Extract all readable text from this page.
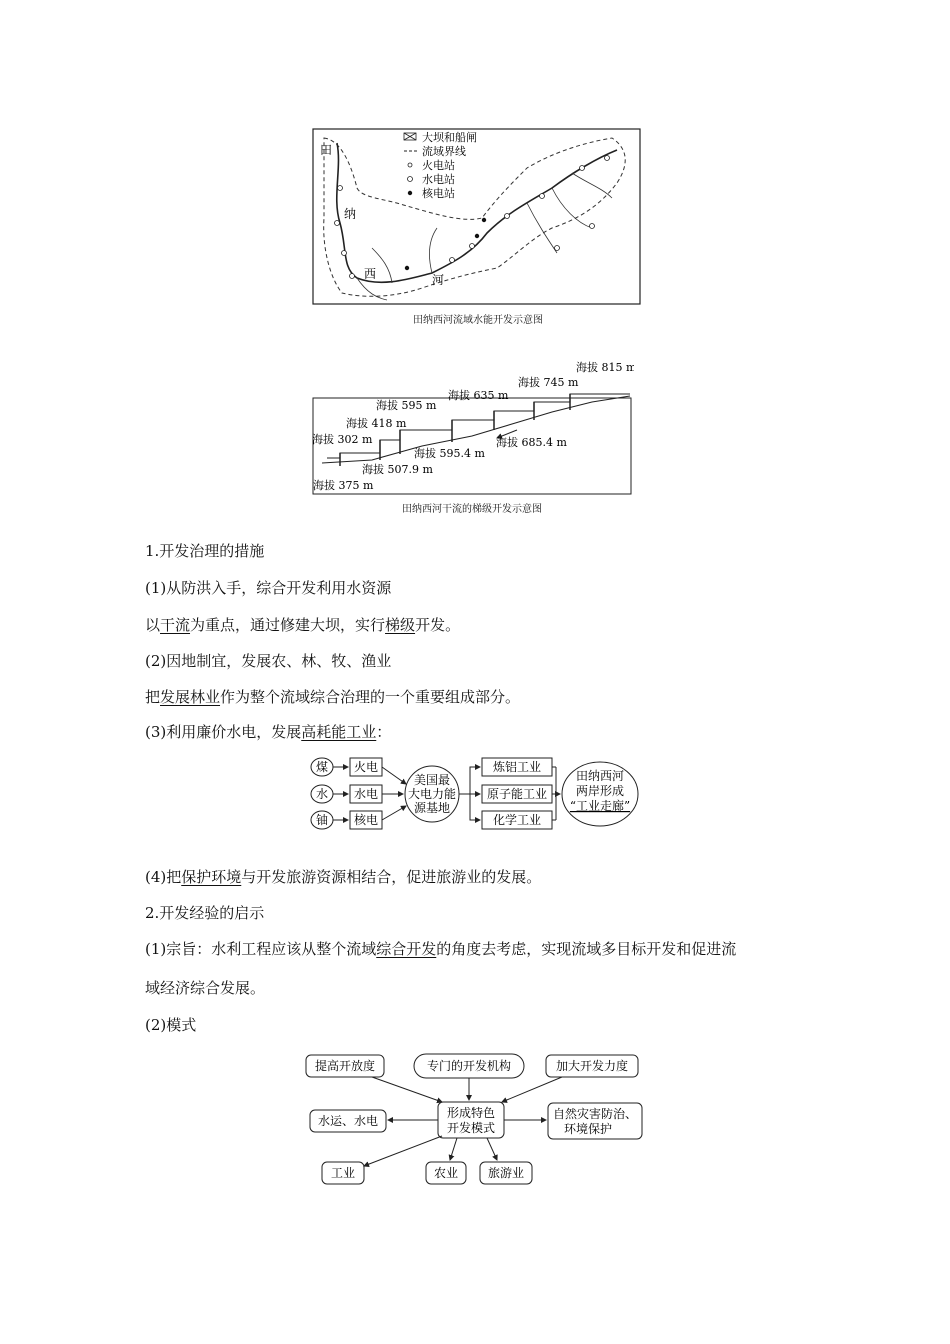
大坝和船闸
流域界线
火电站
水电站
核电站
田
纳
西	河
田纳西河流域水能开发示意图
海拔 815 m
海拔 745 m
海拔 635 m
海拔 595 m
海拔 418 m
海拔 302 m	海拔 685.4 m
海拔 595.4 m
海拔 507.9 m
海拔 375 m
田纳西河干流的梯级开发示意图
1.开发治理的措施
(1)从防洪入手，综合开发利用水资源
以干流为重点，通过修建大坝，实行梯级开发。
(2)因地制宜，发展农、林、牧、渔业
把发展林业作为整个流域综合治理的一个重要组成部分。
(3)利用廉价水电，发展高耗能工业：
煤
水
铀
火电
水电
核电
美国最
大电力能
源基地
炼铝工业
原子能工业
化学工业
田纳西河
两岸形成
“工业走廊”
(4)把保护环境与开发旅游资源相结合，促进旅游业的发展。
2.开发经验的启示
(1)宗旨：水利工程应该从整个流域综合开发的角度去考虑，实现流域多目标开发和促进流
域经济综合发展。
(2)模式
提高开放度	专门的开发机构	加大开发力度
形成特色
开发模式
水运、水电	自然灾害防治、
环境保护
工业	农业 旅游业
